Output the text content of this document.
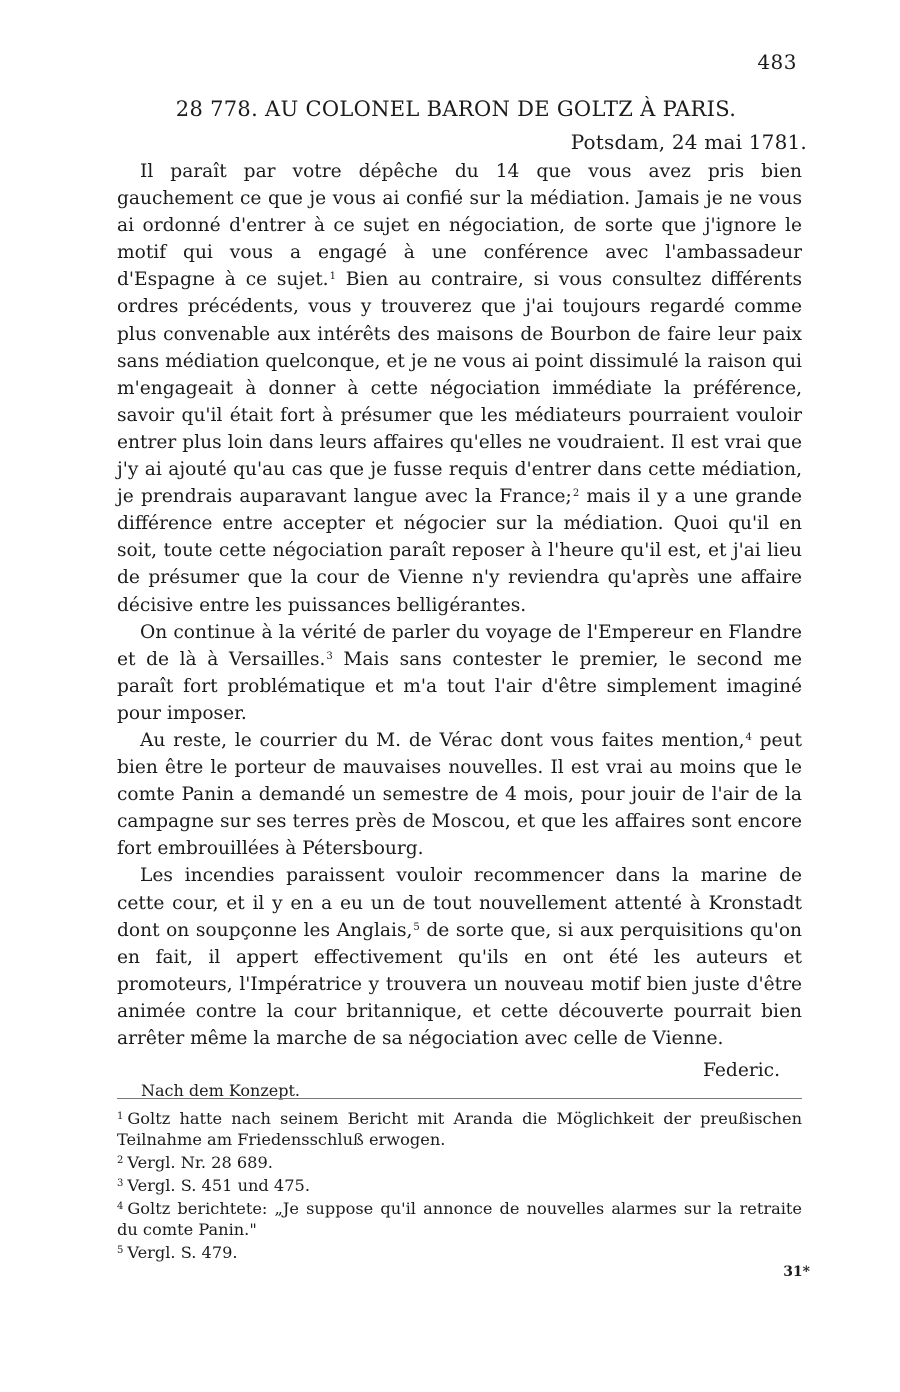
483
28 778. AU COLONEL BARON DE GOLTZ À PARIS.
Potsdam, 24 mai 1781.

Il paraît par votre dépêche du 14 que vous avez pris bien gauchement ce que je vous ai confié sur la médiation. Jamais je ne vous ai ordonné d'entrer à ce sujet en négociation, de sorte que j'ignore le motif qui vous a engagé à une conférence avec l'ambassadeur d'Espagne à ce sujet.$^1$ Bien au contraire, si vous consultez différents ordres précédents, vous y trouverez que j'ai toujours regardé comme plus convenable aux intérêts des maisons de Bourbon de faire leur paix sans médiation quelconque, et je ne vous ai point dissimulé la raison qui m'engageait à donner à cette négociation immédiate la préférence, savoir qu'il était fort à présumer que les médiateurs pourraient vouloir entrer plus loin dans leurs affaires qu'elles ne voudraient. Il est vrai que j'y ai ajouté qu'au cas que je fusse requis d'entrer dans cette médiation, je prendrais auparavant langue avec la France;$^2$ mais il y a une grande différence entre accepter et négocier sur la médiation. Quoi qu'il en soit, toute cette négociation paraît reposer à l'heure qu'il est, et j'ai lieu de présumer que la cour de Vienne n'y reviendra qu'après une affaire décisive entre les puissances belligérantes.

On continue à la vérité de parler du voyage de l'Empereur en Flandre et de là à Versailles.$^3$ Mais sans contester le premier, le second me paraît fort problématique et m'a tout l'air d'être simplement imaginé pour imposer.

Au reste, le courrier du M. de Vérac dont vous faites mention,$^4$ peut bien être le porteur de mauvaises nouvelles. Il est vrai au moins que le comte Panin a demandé un semestre de 4 mois, pour jouir de l'air de la campagne sur ses terres près de Moscou, et que les affaires sont encore fort embrouillées à Pétersbourg.

Les incendies paraissent vouloir recommencer dans la marine de cette cour, et il y en a eu un de tout nouvellement attenté à Kronstadt dont on soupçonne les Anglais,$^5$ de sorte que, si aux perquisitions qu'on en fait, il appert effectivement qu'ils en ont été les auteurs et promoteurs, l'Impératrice y trouvera un nouveau motif bien juste d'être animée contre la cour britannique, et cette découverte pourrait bien arrêter même la marche de sa négociation avec celle de Vienne.

Federic.
Nach dem Konzept.

$^1$ Goltz hatte nach seinem Bericht mit Aranda die Möglichkeit der preußischen Teilnahme am Friedensschluß erwogen.

$^2$ Vergl. Nr. 28 689.

$^3$ Vergl. S. 451 und 475.

$^4$ Goltz berichtete: „Je suppose qu'il annonce de nouvelles alarmes sur la retraite du comte Panin."

$^5$ Vergl. S. 479.

31*
